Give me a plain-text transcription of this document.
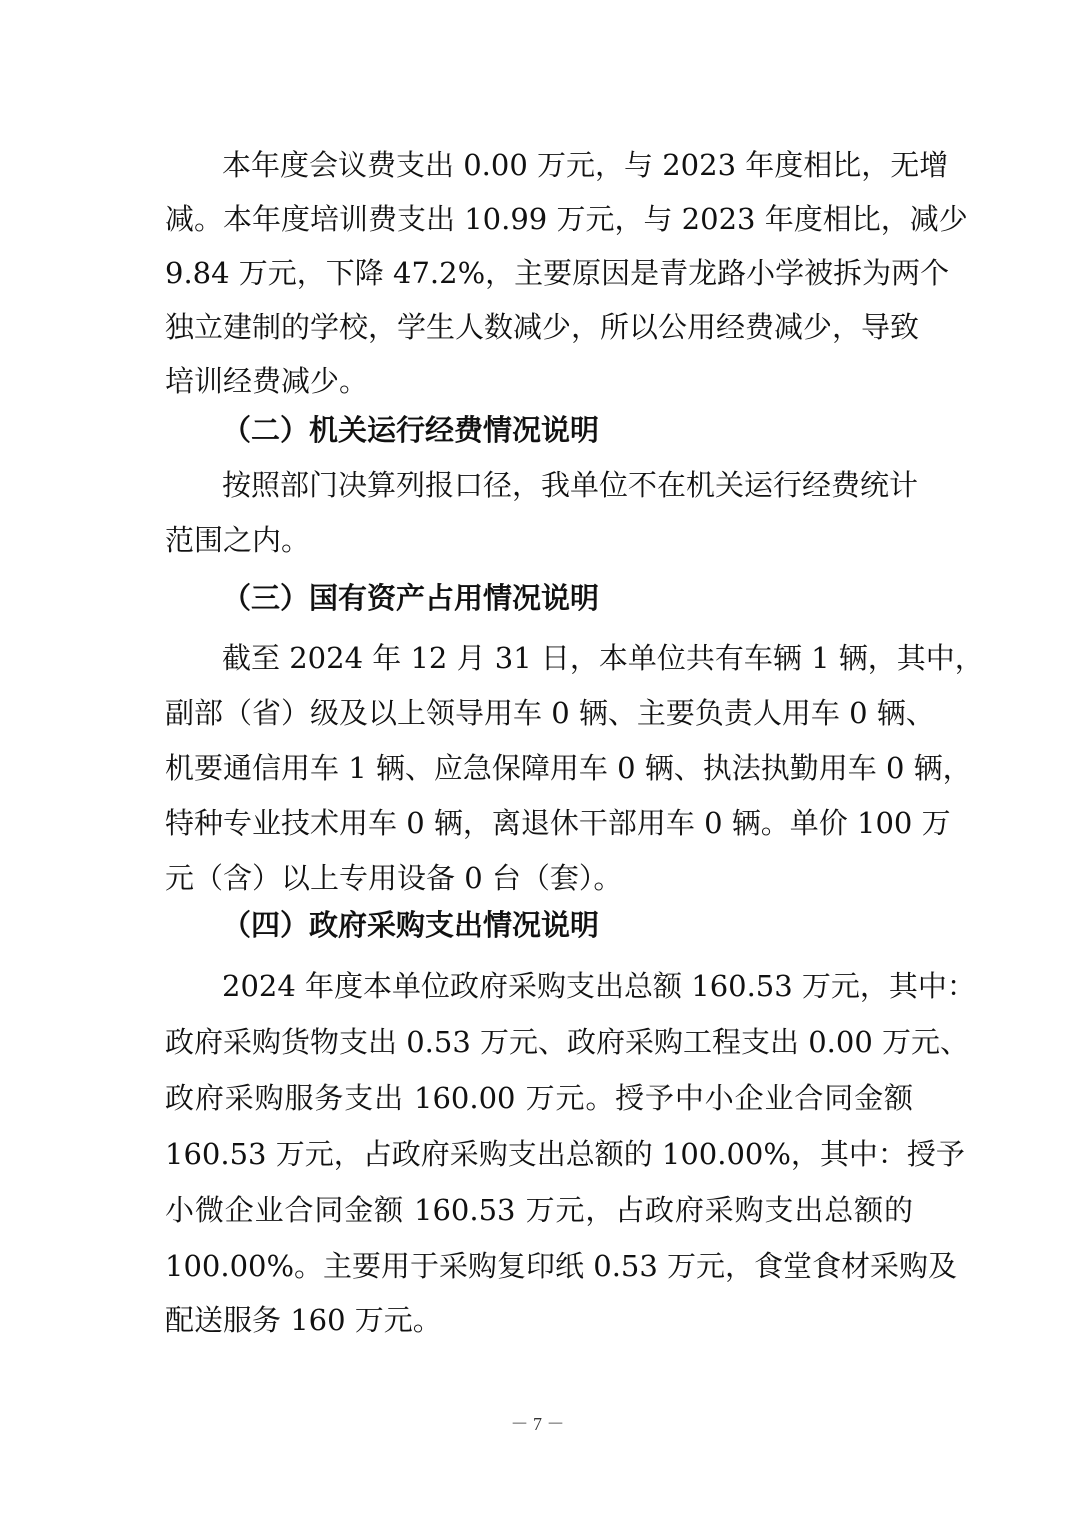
本年度会议费支出 0.00 万元，与 2023 年度相比，无增
减。本年度培训费支出 10.99 万元，与 2023 年度相比，减少
9.84 万元，下降 47.2%，主要原因是青龙路小学被拆为两个
独立建制的学校，学生人数减少，所以公用经费减少，导致
培训经费减少。
（二）机关运行经费情况说明
按照部门决算列报口径，我单位不在机关运行经费统计
范围之内。
（三）国有资产占用情况说明
截至 2024 年 12 月 31 日，本单位共有车辆 1 辆，其中，
副部（省）级及以上领导用车 0 辆、主要负责人用车 0 辆、
机要通信用车 1 辆、应急保障用车 0 辆、执法执勤用车 0 辆，
特种专业技术用车 0 辆，离退休干部用车 0 辆。单价 100 万
元（含）以上专用设备 0 台（套）。
（四）政府采购支出情况说明
2024 年度本单位政府采购支出总额 160.53 万元，其中：
政府采购货物支出 0.53 万元、政府采购工程支出 0.00 万元、
政府采购服务支出 160.00 万元。授予中小企业合同金额
160.53 万元，占政府采购支出总额的 100.00%，其中：授予
小微企业合同金额 160.53 万元，占政府采购支出总额的
100.00%。主要用于采购复印纸 0.53 万元，食堂食材采购及
配送服务 160 万元。
－ 7 －
